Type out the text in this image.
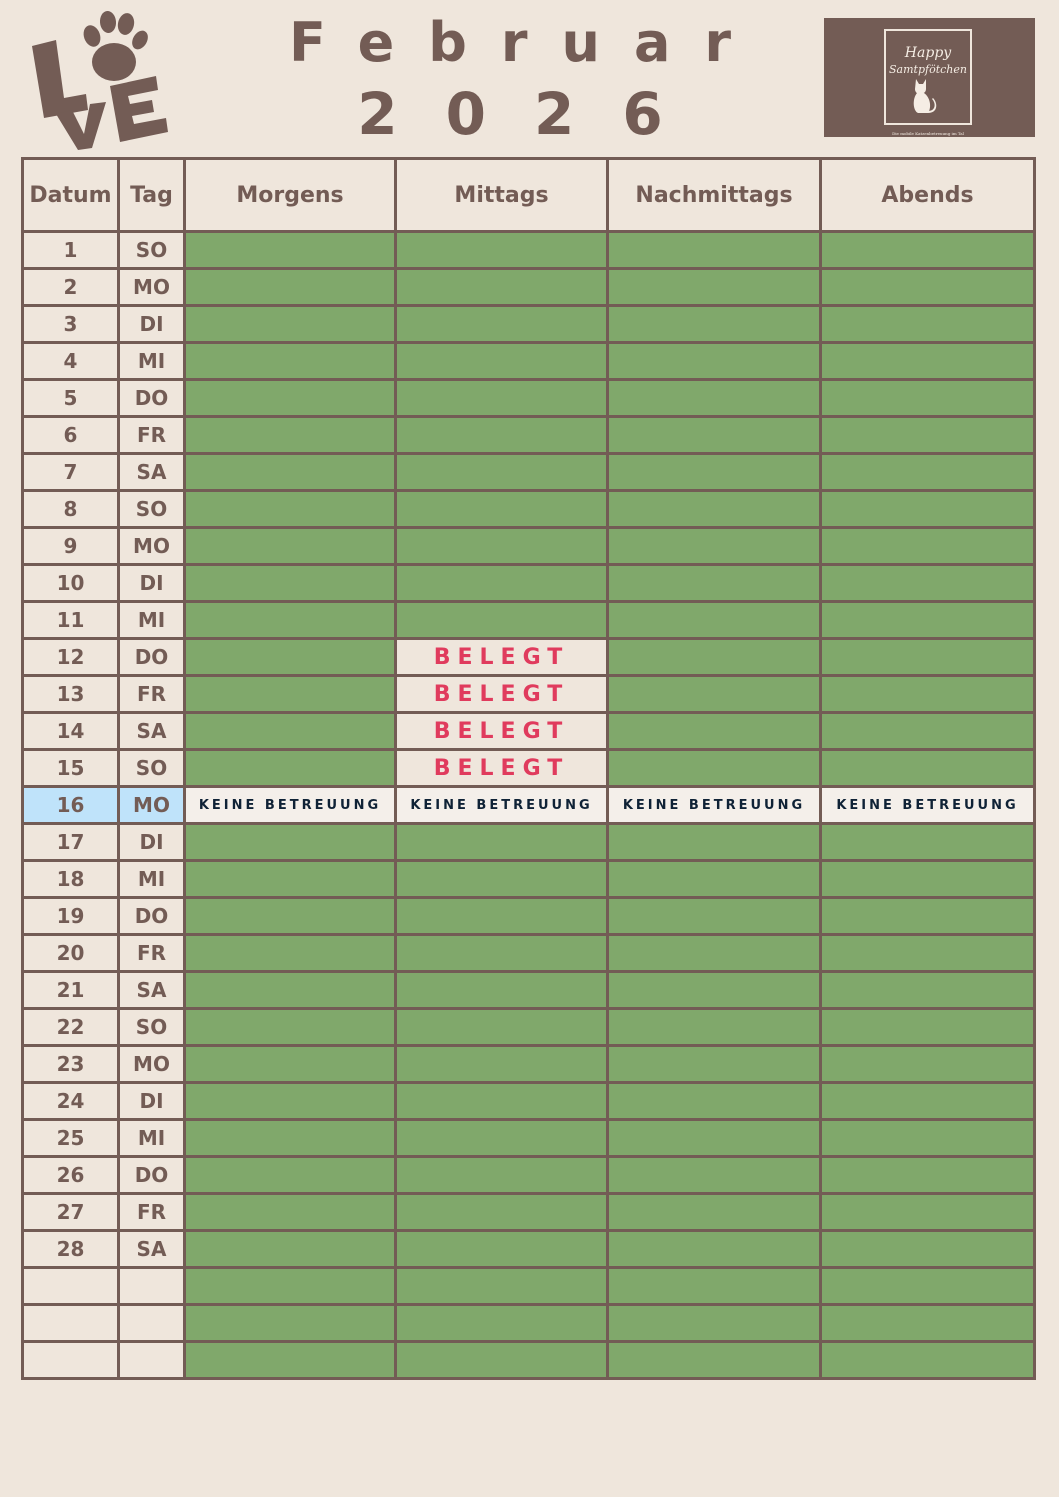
Februar
2026
Happy
Samtpfötchen
Die mobile Katzenbetreuung im Tal
Datum	Tag	Morgens	Mittags	Nachmittags	Abends
1	SO				
2	MO				
3	DI				
4	MI				
5	DO				
6	FR				
7	SA				
8	SO				
9	MO				
10	DI				
11	MI				
12	DO		BELEGT		
13	FR		BELEGT		
14	SA		BELEGT		
15	SO		BELEGT		
16	MO	KEINE BETREUUNG	KEINE BETREUUNG	KEINE BETREUUNG	KEINE BETREUUNG
17	DI				
18	MI				
19	DO				
20	FR				
21	SA				
22	SO				
23	MO				
24	DI				
25	MI				
26	DO				
27	FR				
28	SA				
